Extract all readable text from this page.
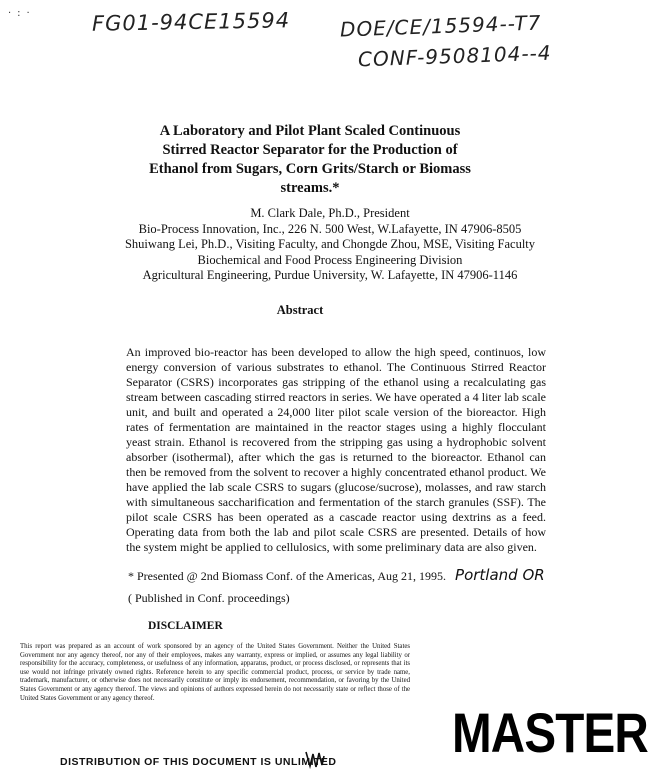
·:·	FG01-94CE15594 DOE/CE/15594--T7
CONF-9508104--4
A Laboratory and Pilot Plant Scaled Continuous Stirred Reactor Separator for the Production of Ethanol from Sugars, Corn Grits/Starch or Biomass streams.*
M. Clark Dale, Ph.D., President
Bio-Process Innovation, Inc., 226 N. 500 West, W.Lafayette, IN 47906-8505
Shuiwang Lei, Ph.D., Visiting Faculty, and Chongde Zhou, MSE, Visiting Faculty
Biochemical and Food Process Engineering Division
Agricultural Engineering, Purdue University, W. Lafayette, IN 47906-1146
Abstract

An improved bio-reactor has been developed to allow the high speed, continuos, low energy conversion of various substrates to ethanol. The Continuous Stirred Reactor Separator (CSRS) incorporates gas stripping of the ethanol using a recalculating gas stream between cascading stirred reactors in series. We have operated a 4 liter lab scale unit, and built and operated a 24,000 liter pilot scale version of the bioreactor. High rates of fermentation are maintained in the reactor stages using a highly flocculant yeast strain. Ethanol is recovered from the stripping gas using a hydrophobic solvent absorber (isothermal), after which the gas is returned to the bioreactor. Ethanol can then be removed from the solvent to recover a highly concentrated ethanol product. We have applied the lab scale CSRS to sugars (glucose/sucrose), molasses, and raw starch with simultaneous saccharification and fermentation of the starch granules (SSF). The pilot scale CSRS has been operated as a cascade reactor using dextrins as a feed. Operating data from both the lab and pilot scale CSRS are presented. Details of how the system might be applied to cellulosics, with some preliminary data are also given.

* Presented @ 2nd Biomass Conf. of the Americas, Aug 21, 1995. Portland OR
( Published in Conf. proceedings)
DISCLAIMER

This report was prepared as an account of work sponsored by an agency of the United States Government. Neither the United States Government nor any agency thereof, nor any of their employees, makes any warranty, express or implied, or assumes any legal liability or responsibility for the accuracy, completeness, or usefulness of any information, apparatus, product, or process disclosed, or represents that its use would not infringe privately owned rights. Reference herein to any specific commercial product, process, or service by trade name, trademark, manufacturer, or otherwise does not necessarily constitute or imply its endorsement, recommendation, or favoring by the United States Government or any agency thereof. The views and opinions of authors expressed herein do not necessarily state or reflect those of the United States Government or any agency thereof.

MASTER
DISTRIBUTION OF THIS DOCUMENT IS UNLIMITED
